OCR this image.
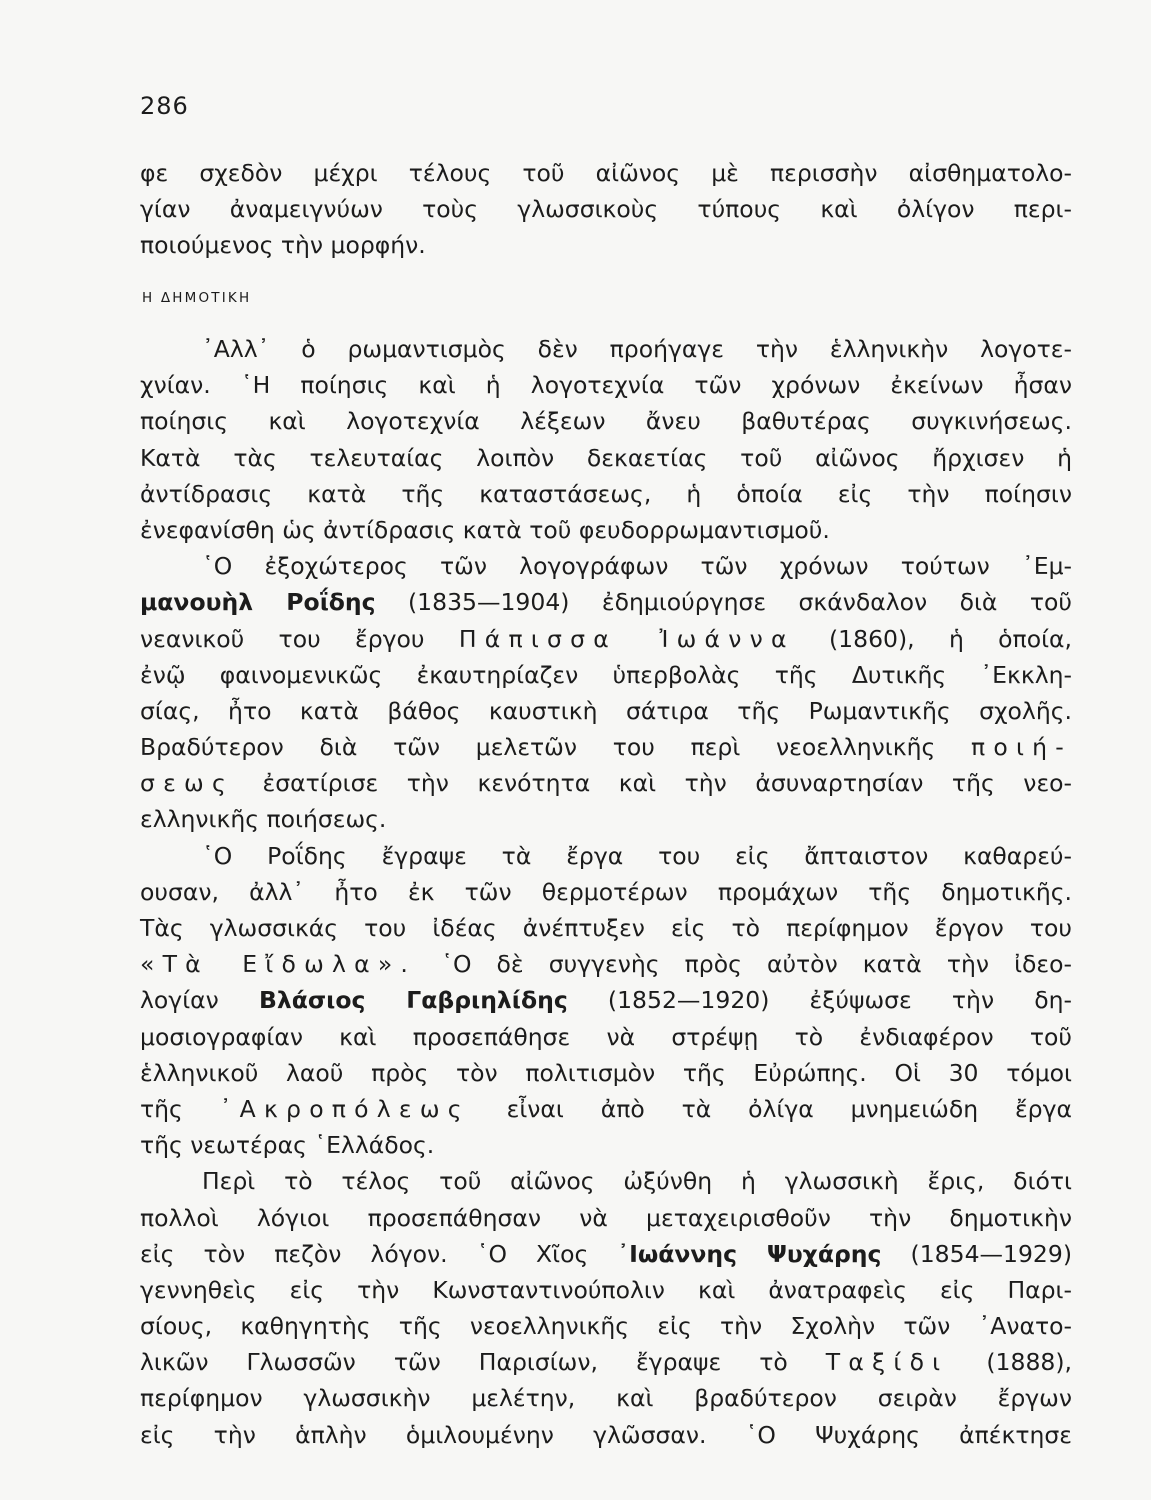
286
φε σχεδὸν μέχρι τέλους τοῦ αἰῶνος μὲ περισσὴν αἰσθηματολο-
γίαν ἀναμειγνύων τοὺς γλωσσικοὺς τύπους καὶ ὀλίγον περι-
ποιούμενος τὴν μορφήν.
Η ΔΗΜΟΤΙΚΗ
᾽Αλλ᾽ ὁ ρωμαντισμὸς δὲν προήγαγε τὴν ἑλληνικὴν λογοτε-
χνίαν. ῾Η ποίησις καὶ ἡ λογοτεχνία τῶν χρόνων ἐκείνων ἦσαν
ποίησις καὶ λογοτεχνία λέξεων ἄνευ βαθυτέρας συγκινήσεως.
Κατὰ τὰς τελευταίας λοιπὸν δεκαετίας τοῦ αἰῶνος ἤρχισεν ἡ
ἀντίδρασις κατὰ τῆς καταστάσεως, ἡ ὁποία εἰς τὴν ποίησιν
ἐνεφανίσθη ὡς ἀντίδρασις κατὰ τοῦ φευδορρωμαντισμοῦ.
῾Ο ἐξοχώτερος τῶν λογογράφων τῶν χρόνων τούτων ᾽Εμ-
μανουὴλ Ροΐδης (1835—1904) ἐδημιούργησε σκάνδαλον διὰ τοῦ
νεανικοῦ του ἔργου Πάπισσα Ἰωάννα (1860), ἡ ὁποία,
ἐνῷ φαινομενικῶς ἐκαυτηρίαζεν ὑπερβολὰς τῆς Δυτικῆς ᾽Εκκλη-
σίας, ἦτο κατὰ βάθος καυστικὴ σάτιρα τῆς Ρωμαντικῆς σχολῆς.
Βραδύτερον διὰ τῶν μελετῶν του περὶ νεοελληνικῆς ποιή-
σεως ἐσατίρισε τὴν κενότητα καὶ τὴν ἀσυναρτησίαν τῆς νεο-
ελληνικῆς ποιήσεως.
῾Ο Ροΐδης ἔγραψε τὰ ἔργα του εἰς ἄπταιστον καθαρεύ-
ουσαν, ἀλλ᾽ ἦτο ἐκ τῶν θερμοτέρων προμάχων τῆς δημοτικῆς.
Τὰς γλωσσικάς του ἰδέας ἀνέπτυξεν εἰς τὸ περίφημον ἔργον του
«Τὰ Εἴδωλα». ῾Ο δὲ συγγενὴς πρὸς αὐτὸν κατὰ τὴν ἰδεο-
λογίαν Βλάσιος Γαβριηλίδης (1852—1920) ἐξύψωσε τὴν δη-
μοσιογραφίαν καὶ προσεπάθησε νὰ στρέψῃ τὸ ἐνδιαφέρον τοῦ
ἑλληνικοῦ λαοῦ πρὸς τὸν πολιτισμὸν τῆς Εὐρώπης. Οἱ 30 τόμοι
τῆς ᾽Ακροπόλεως εἶναι ἀπὸ τὰ ὀλίγα μνημειώδη ἔργα
τῆς νεωτέρας ῾Ελλάδος.
Περὶ τὸ τέλος τοῦ αἰῶνος ὠξύνθη ἡ γλωσσικὴ ἔρις, διότι
πολλοὶ λόγιοι προσεπάθησαν νὰ μεταχειρισθοῦν τὴν δημοτικὴν
εἰς τὸν πεζὸν λόγον. ῾Ο Χῖος ᾽Ιωάννης Ψυχάρης (1854—1929)
γεννηθεὶς εἰς τὴν Κωνσταντινούπολιν καὶ ἀνατραφεὶς εἰς Παρι-
σίους, καθηγητὴς τῆς νεοελληνικῆς εἰς τὴν Σχολὴν τῶν ᾽Ανατο-
λικῶν Γλωσσῶν τῶν Παρισίων, ἔγραψε τὸ Ταξίδι (1888),
περίφημον γλωσσικὴν μελέτην, καὶ βραδύτερον σειρὰν ἔργων
εἰς τὴν ἁπλὴν ὁμιλουμένην γλῶσσαν. ῾Ο Ψυχάρης ἀπέκτησε
